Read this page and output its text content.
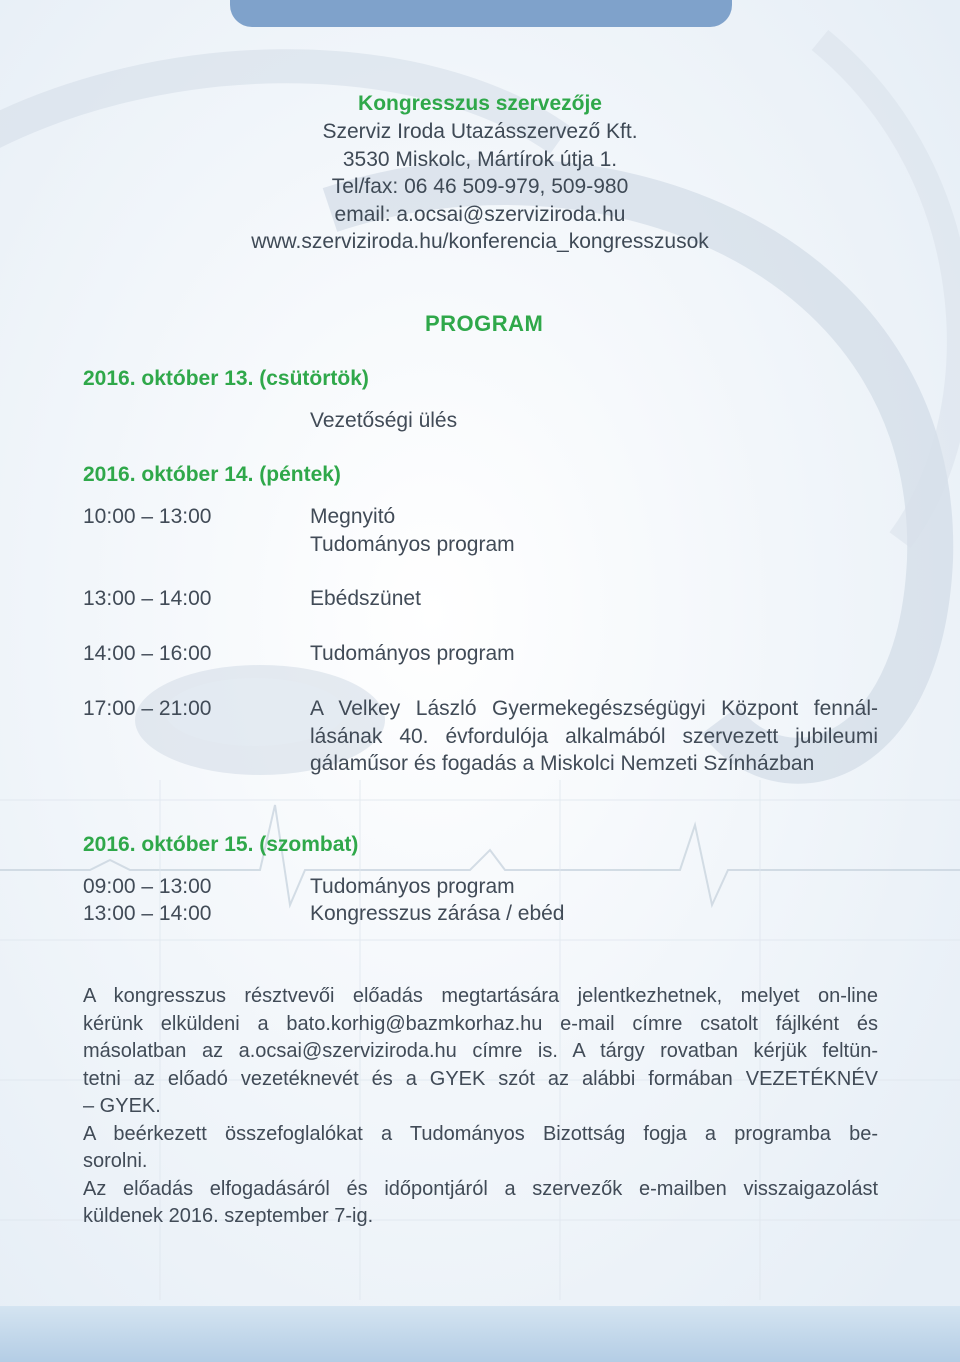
Kongresszus szervezője
Szerviz Iroda Utazásszervező Kft.
3530 Miskolc, Mártírok útja 1.
Tel/fax: 06 46 509-979, 509-980
email: a.ocsai@szerviziroda.hu
www.szerviziroda.hu/konferencia_kongresszusok
PROGRAM
2016. október 13. (csütörtök)
Vezetőségi ülés
2016. október 14. (péntek)
10:00 – 13:00	Megnyitó
Tudományos program
13:00 – 14:00	Ebédszünet
14:00 – 16:00	Tudományos program
17:00 – 21:00	A Velkey László Gyermekegészségügyi Központ fennál-
lásának 40. évfordulója alkalmából szervezett jubileumi
gálaműsor és fogadás a Miskolci Nemzeti Színházban
2016. október 15. (szombat)
09:00 – 13:00	Tudományos program
13:00 – 14:00	Kongresszus zárása / ebéd
A kongresszus résztvevői előadás megtartására jelentkezhetnek, melyet on-line
kérünk elküldeni a bato.korhig@bazmkorhaz.hu e-mail címre csatolt fájlként és
másolatban az a.ocsai@szerviziroda.hu címre is. A tárgy rovatban kérjük feltün-
tetni az előadó vezetéknevét és a GYEK szót az alábbi formában VEZETÉKNÉV
– GYEK.
A beérkezett összefoglalókat a Tudományos Bizottság fogja a programba be-
sorolni.
Az előadás elfogadásáról és időpontjáról a szervezők e-mailben visszaigazolást
küldenek 2016. szeptember 7-ig.
